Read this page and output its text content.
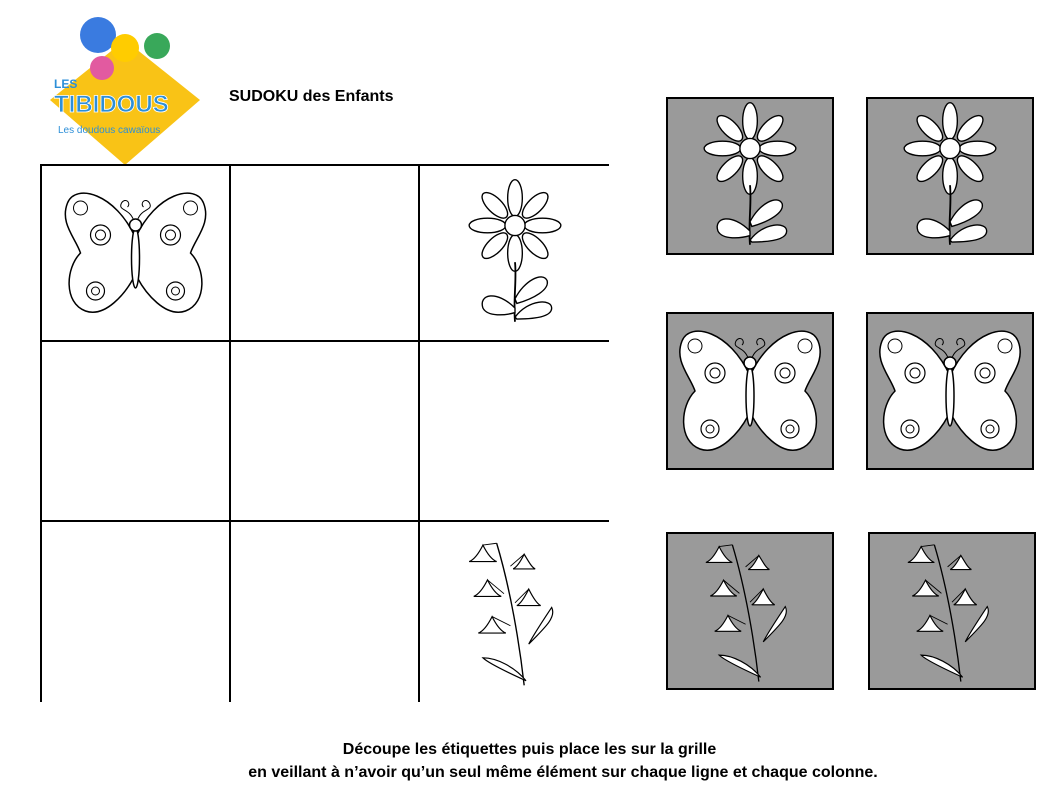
LES
TIBIDOUS
Les doudous cawaïous
SUDOKU des Enfants
Découpe les étiquettes puis place les sur la grille
en veillant à n’avoir qu’un seul même élément sur chaque ligne et chaque colonne.
